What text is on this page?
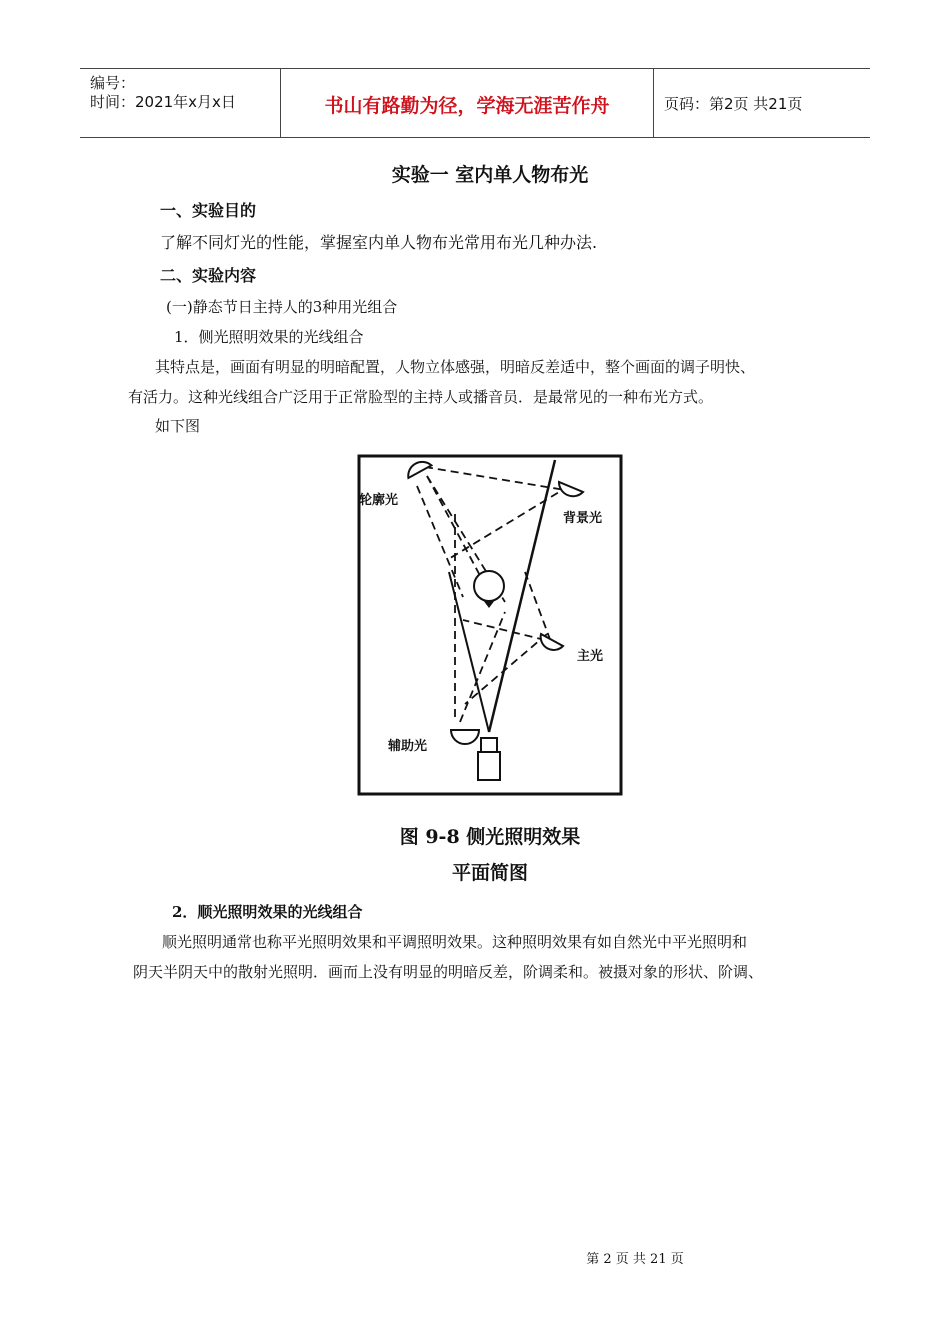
编号：
时间：2021年x月x日	书山有路勤为径，学海无涯苦作舟	页码：第2页 共21页
实验一 室内单人物布光
一、实验目的
了解不同灯光的性能，掌握室内单人物布光常用布光几种办法.
二、实验内容
(一)静态节日主持人的3种用光组合
1．侧光照明效果的光线组合
其特点是，画面有明显的明暗配置，人物立体感强，明暗反差适中，整个画面的调子明快、
有活力。这种光线组合广泛用于正常脸型的主持人或播音员．是最常见的一种布光方式。
如下图
轮廓光
背景光
主光
辅助光
图 9-8 侧光照明效果
平面简图
2．顺光照明效果的光线组合
顺光照明通常也称平光照明效果和平调照明效果。这种照明效果有如自然光中平光照明和
阴天半阴天中的散射光照明．画而上没有明显的明暗反差，阶调柔和。被摄对象的形状、阶调、
第 2 页 共 21 页
